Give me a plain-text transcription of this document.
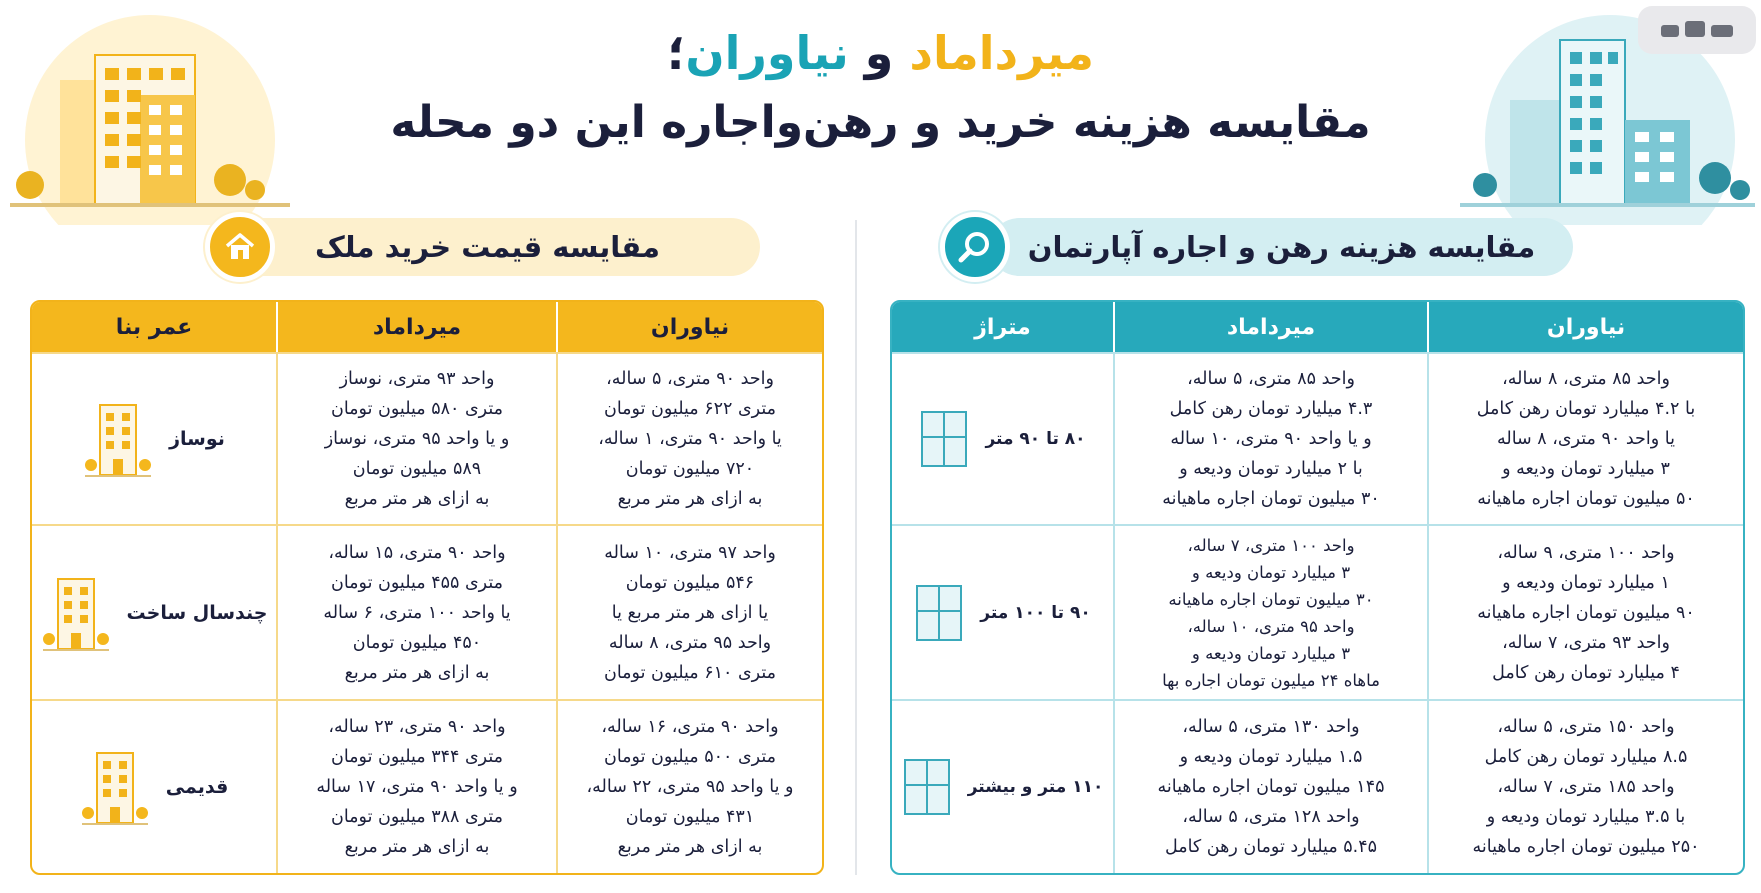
میرداماد و نیاوران؛
مقایسه هزینه خرید و رهن‌واجاره این دو محله
مقایسه هزینه رهن و اجاره آپارتمان
مقایسه قیمت خرید ملک
نیاوران
میرداماد
متراژ
واحد ۸۵ متری، ۸ ساله،
با ۴.۲ میلیارد تومان رهن کامل
یا واحد ۹۰ متری، ۸ ساله
۳ میلیارد تومان ودیعه و
۵۰ میلیون تومان اجاره ماهیانه
واحد ۸۵ متری، ۵ ساله،
۴.۳ میلیارد تومان رهن کامل
و یا واحد ۹۰ متری، ۱۰ ساله
با ۲ میلیارد تومان ودیعه و
۳۰ میلیون تومان اجاره ماهیانه
۸۰ تا ۹۰ متر
واحد ۱۰۰ متری، ۹ ساله،
۱ میلیارد تومان ودیعه و
۹۰ میلیون تومان اجاره ماهیانه
واحد ۹۳ متری، ۷ ساله،
۴ میلیارد تومان رهن کامل
واحد ۱۰۰ متری، ۷ ساله،
۳ میلیارد تومان ودیعه و
۳۰ میلیون تومان اجاره ماهیانه
واحد ۹۵ متری، ۱۰ ساله،
۳ میلیارد تومان ودیعه و
ماهاه ۲۴ میلیون تومان اجاره بها
۹۰ تا ۱۰۰ متر
واحد ۱۵۰ متری، ۵ ساله،
۸.۵ میلیارد تومان رهن کامل
واحد ۱۸۵ متری، ۷ ساله،
با ۳.۵ میلیارد تومان ودیعه و
۲۵۰ میلیون تومان اجاره ماهیانه
واحد ۱۳۰ متری، ۵ ساله،
۱.۵ میلیارد تومان ودیعه و
۱۴۵ میلیون تومان اجاره ماهیانه
واحد ۱۲۸ متری، ۵ ساله،
۵.۴۵ میلیارد تومان رهن کامل
۱۱۰ متر و بیشتر
نیاوران
میرداماد
عمر بنا
واحد ۹۰ متری، ۵ ساله،
متری ۶۲۲ میلیون تومان
یا واحد ۹۰ متری، ۱ ساله،
۷۲۰ میلیون تومان
به ازای هر متر مربع
واحد ۹۳ متری، نوساز
متری ۵۸۰ میلیون تومان
و یا واحد ۹۵ متری، نوساز
۵۸۹ میلیون تومان
به ازای هر متر مربع
نوساز
واحد ۹۷ متری، ۱۰ ساله
۵۴۶ میلیون تومان
یا ازای هر متر مربع یا
واحد ۹۵ متری، ۸ ساله
متری ۶۱۰ میلیون تومان
واحد ۹۰ متری، ۱۵ ساله،
متری ۴۵۵ میلیون تومان
یا واحد ۱۰۰ متری، ۶ ساله
۴۵۰ میلیون تومان
به ازای هر متر مربع
چندسال ساخت
واحد ۹۰ متری، ۱۶ ساله،
متری ۵۰۰ میلیون تومان
و یا واحد ۹۵ متری، ۲۲ ساله،
۴۳۱ میلیون تومان
به ازای هر متر مربع
واحد ۹۰ متری، ۲۳ ساله،
متری ۳۴۴ میلیون تومان
و یا واحد ۹۰ متری، ۱۷ ساله
متری ۳۸۸ میلیون تومان
به ازای هر متر مربع
قدیمی
